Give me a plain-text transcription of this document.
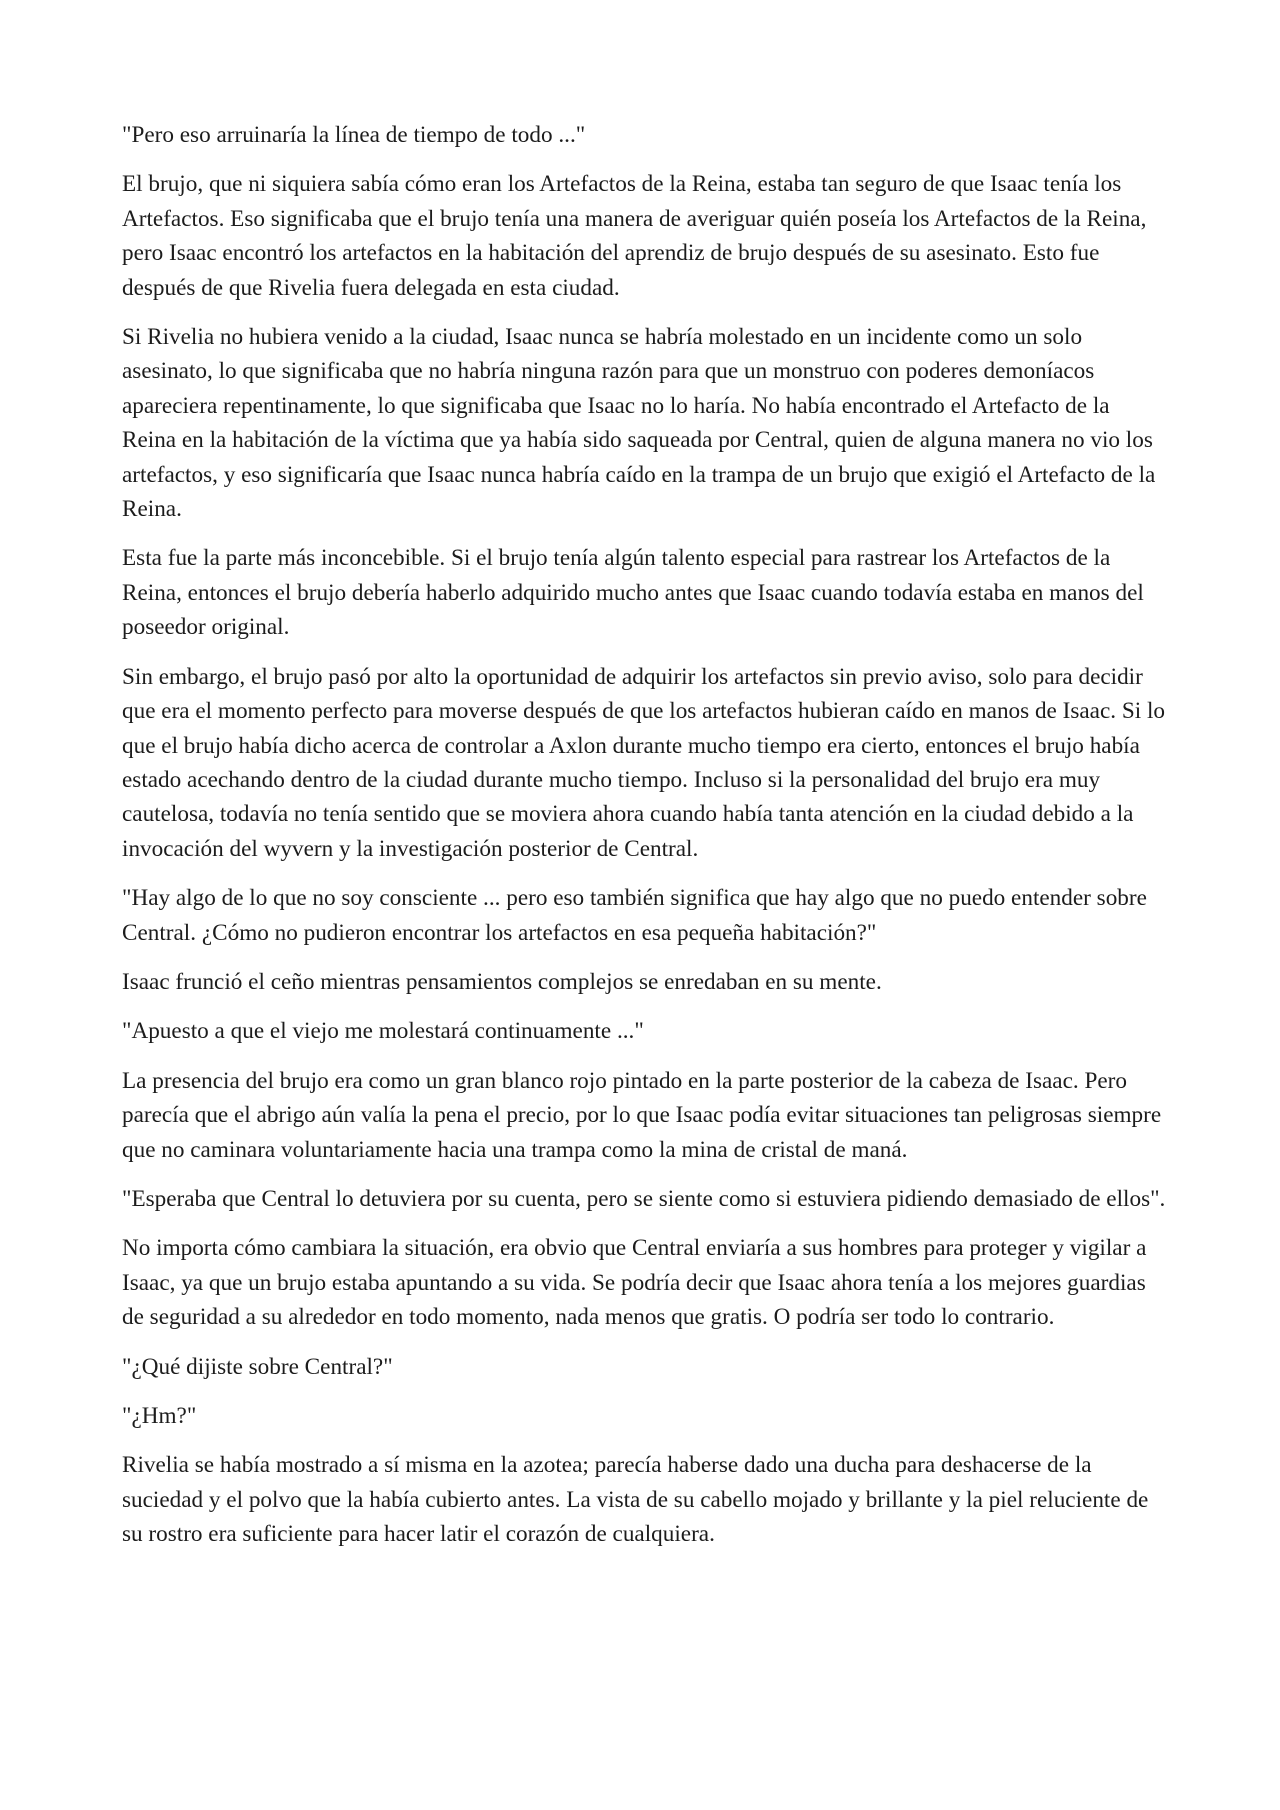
"Pero eso arruinaría la línea de tiempo de todo ..."

El brujo, que ni siquiera sabía cómo eran los Artefactos de la Reina, estaba tan seguro de que Isaac tenía los Artefactos. Eso significaba que el brujo tenía una manera de averiguar quién poseía los Artefactos de la Reina, pero Isaac encontró los artefactos en la habitación del aprendiz de brujo después de su asesinato. Esto fue después de que Rivelia fuera delegada en esta ciudad.

Si Rivelia no hubiera venido a la ciudad, Isaac nunca se habría molestado en un incidente como un solo asesinato, lo que significaba que no habría ninguna razón para que un monstruo con poderes demoníacos apareciera repentinamente, lo que significaba que Isaac no lo haría. No había encontrado el Artefacto de la Reina en la habitación de la víctima que ya había sido saqueada por Central, quien de alguna manera no vio los artefactos, y eso significaría que Isaac nunca habría caído en la trampa de un brujo que exigió el Artefacto de la Reina.

Esta fue la parte más inconcebible. Si el brujo tenía algún talento especial para rastrear los Artefactos de la Reina, entonces el brujo debería haberlo adquirido mucho antes que Isaac cuando todavía estaba en manos del poseedor original.

Sin embargo, el brujo pasó por alto la oportunidad de adquirir los artefactos sin previo aviso, solo para decidir que era el momento perfecto para moverse después de que los artefactos hubieran caído en manos de Isaac. Si lo que el brujo había dicho acerca de controlar a Axlon durante mucho tiempo era cierto, entonces el brujo había estado acechando dentro de la ciudad durante mucho tiempo. Incluso si la personalidad del brujo era muy cautelosa, todavía no tenía sentido que se moviera ahora cuando había tanta atención en la ciudad debido a la invocación del wyvern y la investigación posterior de Central.

"Hay algo de lo que no soy consciente ... pero eso también significa que hay algo que no puedo entender sobre Central. ¿Cómo no pudieron encontrar los artefactos en esa pequeña habitación?"

Isaac frunció el ceño mientras pensamientos complejos se enredaban en su mente.

"Apuesto a que el viejo me molestará continuamente ..."

La presencia del brujo era como un gran blanco rojo pintado en la parte posterior de la cabeza de Isaac. Pero parecía que el abrigo aún valía la pena el precio, por lo que Isaac podía evitar situaciones tan peligrosas siempre que no caminara voluntariamente hacia una trampa como la mina de cristal de maná.

"Esperaba que Central lo detuviera por su cuenta, pero se siente como si estuviera pidiendo demasiado de ellos".

No importa cómo cambiara la situación, era obvio que Central enviaría a sus hombres para proteger y vigilar a Isaac, ya que un brujo estaba apuntando a su vida. Se podría decir que Isaac ahora tenía a los mejores guardias de seguridad a su alrededor en todo momento, nada menos que gratis. O podría ser todo lo contrario.

"¿Qué dijiste sobre Central?"

"¿Hm?"

Rivelia se había mostrado a sí misma en la azotea; parecía haberse dado una ducha para deshacerse de la suciedad y el polvo que la había cubierto antes. La vista de su cabello mojado y brillante y la piel reluciente de su rostro era suficiente para hacer latir el corazón de cualquiera.
